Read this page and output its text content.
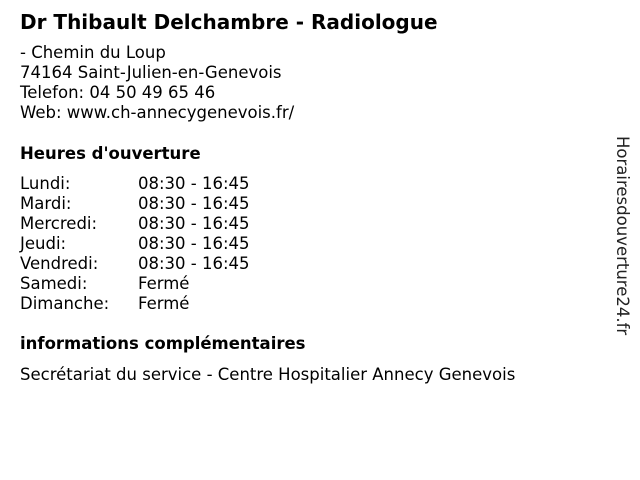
Dr Thibault Delchambre - Radiologue
- Chemin du Loup
74164 Saint-Julien-en-Genevois
Telefon: 04 50 49 65 46
Web: www.ch-annecygenevois.fr/
Heures d'ouverture
Lundi:	08:30 - 16:45
Mardi:	08:30 - 16:45
Mercredi: 08:30 - 16:45
Jeudi:	08:30 - 16:45
Vendredi: 08:30 - 16:45
Samedi:	Fermé
Dimanche: Fermé
informations complémentaires
Secrétariat du service - Centre Hospitalier Annecy Genevois
Horairesdouverture24.fr
